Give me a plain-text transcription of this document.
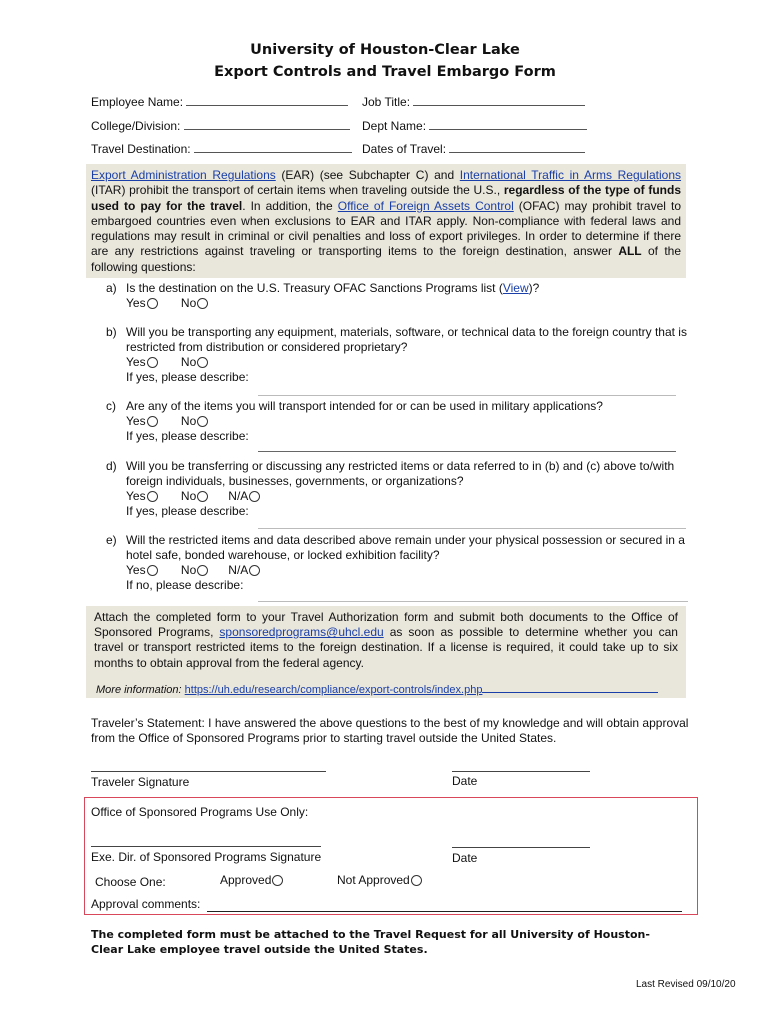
University of Houston-Clear Lake
Export Controls and Travel Embargo Form
Employee Name:	Job Title:
College/Division:	Dept Name:
Travel Destination:	Dates of Travel:

Export Administration Regulations (EAR) (see Subchapter C) and International Traffic in Arms Regulations (ITAR) prohibit the transport of certain items when traveling outside the U.S., regardless of the type of funds used to pay for the travel. In addition, the Office of Foreign Assets Control (OFAC) may prohibit travel to embargoed countries even when exclusions to EAR and ITAR apply. Non-compliance with federal laws and regulations may result in criminal or civil penalties and loss of export privileges. In order to determine if there are any restrictions against traveling or transporting items to the foreign destination, answer ALL of the following questions:

a) Is the destination on the U.S. Treasury OFAC Sanctions Programs list (View)?
Yes	No
b) Will you be transporting any equipment, materials, software, or technical data to the foreign country that is restricted from distribution or considered proprietary?
Yes	No
If yes, please describe:
c) Are any of the items you will transport intended for or can be used in military applications?
Yes	No
If yes, please describe:
d) Will you be transferring or discussing any restricted items or data referred to in (b) and (c) above to/with foreign individuals, businesses, governments, or organizations?
Yes	No	N/A
If yes, please describe:
e) Will the restricted items and data described above remain under your physical possession or secured in a hotel safe, bonded warehouse, or locked exhibition facility?
Yes	No	N/A
If no, please describe:

Attach the completed form to your Travel Authorization form and submit both documents to the Office of Sponsored Programs, sponsoredprograms@uhcl.edu as soon as possible to determine whether you can travel or transport restricted items to the foreign destination. If a license is required, it could take up to six months to obtain approval from the federal agency.

More information: https://uh.edu/research/compliance/export-controls/index.php
Traveler’s Statement: I have answered the above questions to the best of my knowledge and will obtain approval from the Office of Sponsored Programs prior to starting travel outside the United States.
Traveler Signature	Date
Office of Sponsored Programs Use Only:
Exe. Dir. of Sponsored Programs Signature	Date
Choose One:	Approved	Not Approved
Approval comments:
The completed form must be attached to the Travel Request for all University of Houston-Clear Lake employee travel outside the United States.
Last Revised 09/10/20
